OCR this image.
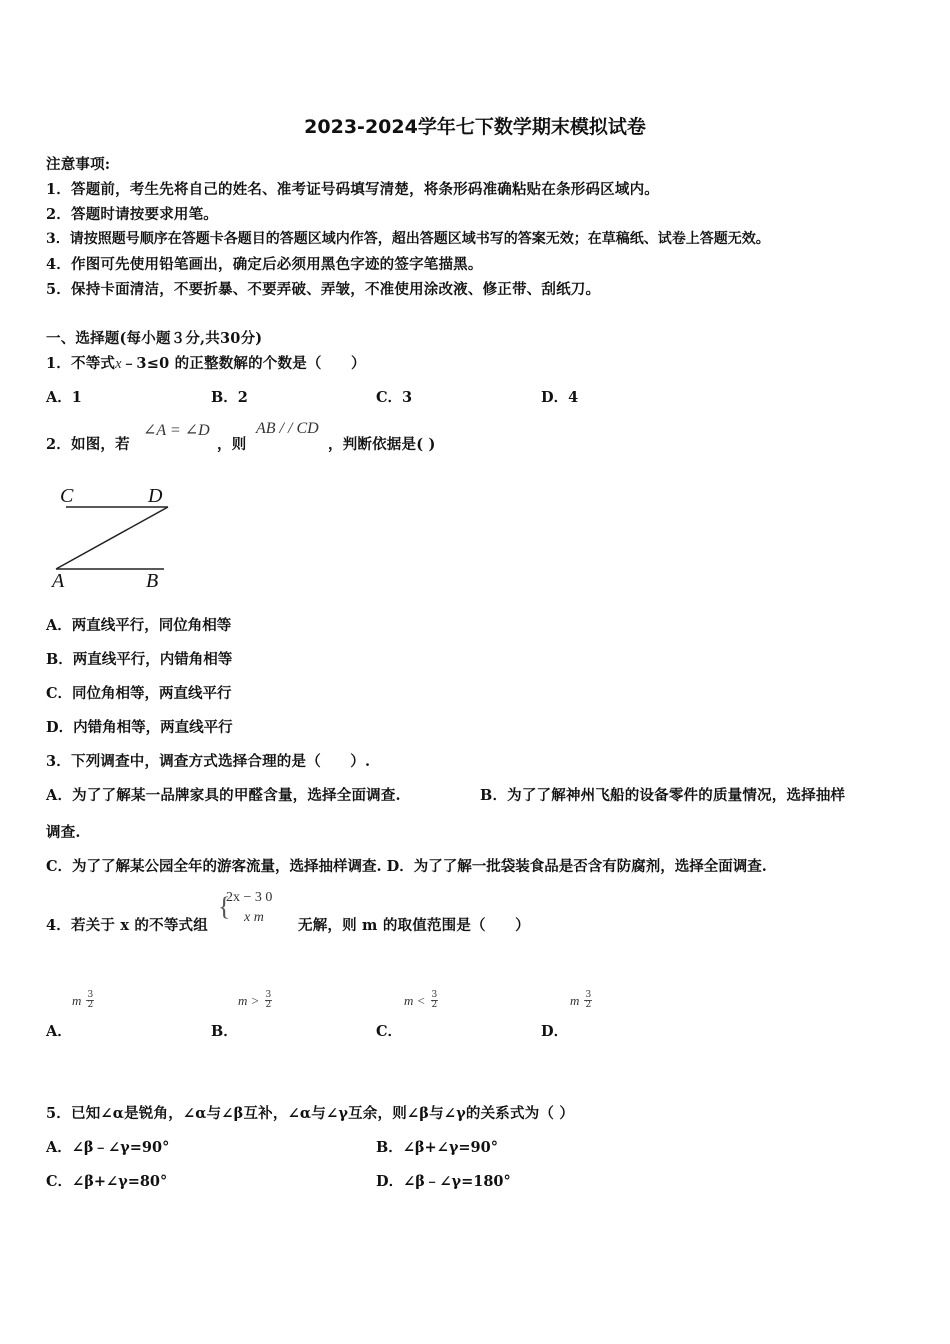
2023-2024学年七下数学期末模拟试卷
注意事项:
1．答题前，考生先将自己的姓名、准考证号码填写清楚，将条形码准确粘贴在条形码区域内。
2．答题时请按要求用笔。
3．请按照题号顺序在答题卡各题目的答题区域内作答，超出答题区域书写的答案无效；在草稿纸、试卷上答题无效。
4．作图可先使用铅笔画出，确定后必须用黑色字迹的签字笔描黑。
5．保持卡面清洁，不要折暴、不要弄破、弄皱，不准使用涂改液、修正带、刮纸刀。
一、选择题(每小题３分,共30分)
1．不等式x﹣3≤0 的正整数解的个数是（　　）
A．1	B．2	C．3	D．4
2．如图，若
∠A = ∠D
，则
AB / / CD
，判断依据是( )
C	D
A	B
A．两直线平行，同位角相等
B．两直线平行，内错角相等
C．同位角相等，两直线平行
D．内错角相等，两直线平行
3．下列调查中，调查方式选择合理的是（　　）.
A．为了了解某一品牌家具的甲醛含量，选择全面调查.	B．为了了解神州飞船的设备零件的质量情况，选择抽样
调查.
C．为了了解某公园全年的游客流量，选择抽样调查. D．为了了解一批袋装食品是否含有防腐剂，选择全面调查.
4．若关于 x 的不等式组
{
2x − 3 0
x m 无解，则 m 的取值范围是（　　）
m $\frac{3}{2}$
A．
$m > \frac{3}{2}$
B．
$m < \frac{3}{2}$
C．
m $\frac{3}{2}$
D．
5．已知∠α是锐角，∠α与∠β互补，∠α与∠γ互余，则∠β与∠γ的关系式为（ ）
A．∠β﹣∠γ=90°	B．∠β+∠γ=90°
C．∠β+∠γ=80°	D．∠β﹣∠γ=180°
